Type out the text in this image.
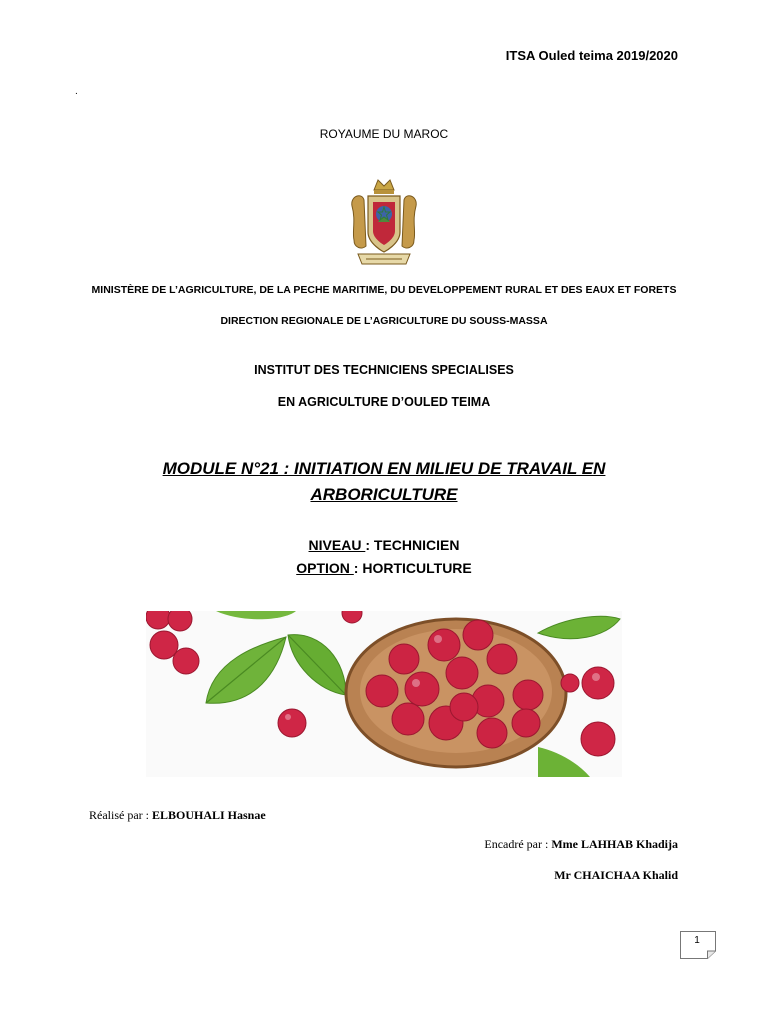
ITSA Ouled teima 2019/2020
.
ROYAUME DU MAROC
MINISTÈRE DE L’AGRICULTURE, DE LA PECHE MARITIME, DU DEVELOPPEMENT RURAL ET DES EAUX ET FORETS
DIRECTION REGIONALE DE L’AGRICULTURE DU SOUSS-MASSA
INSTITUT DES TECHNICIENS SPECIALISES
EN AGRICULTURE D’OULED TEIMA
MODULE N°21 : INITIATION EN MILIEU DE TRAVAIL EN
ARBORICULTURE
NIVEAU : TECHNICIEN
OPTION : HORTICULTURE
Réalisé par : ELBOUHALI Hasnae
Encadré par : Mme LAHHAB Khadija
Mr CHAICHAA Khalid
1
